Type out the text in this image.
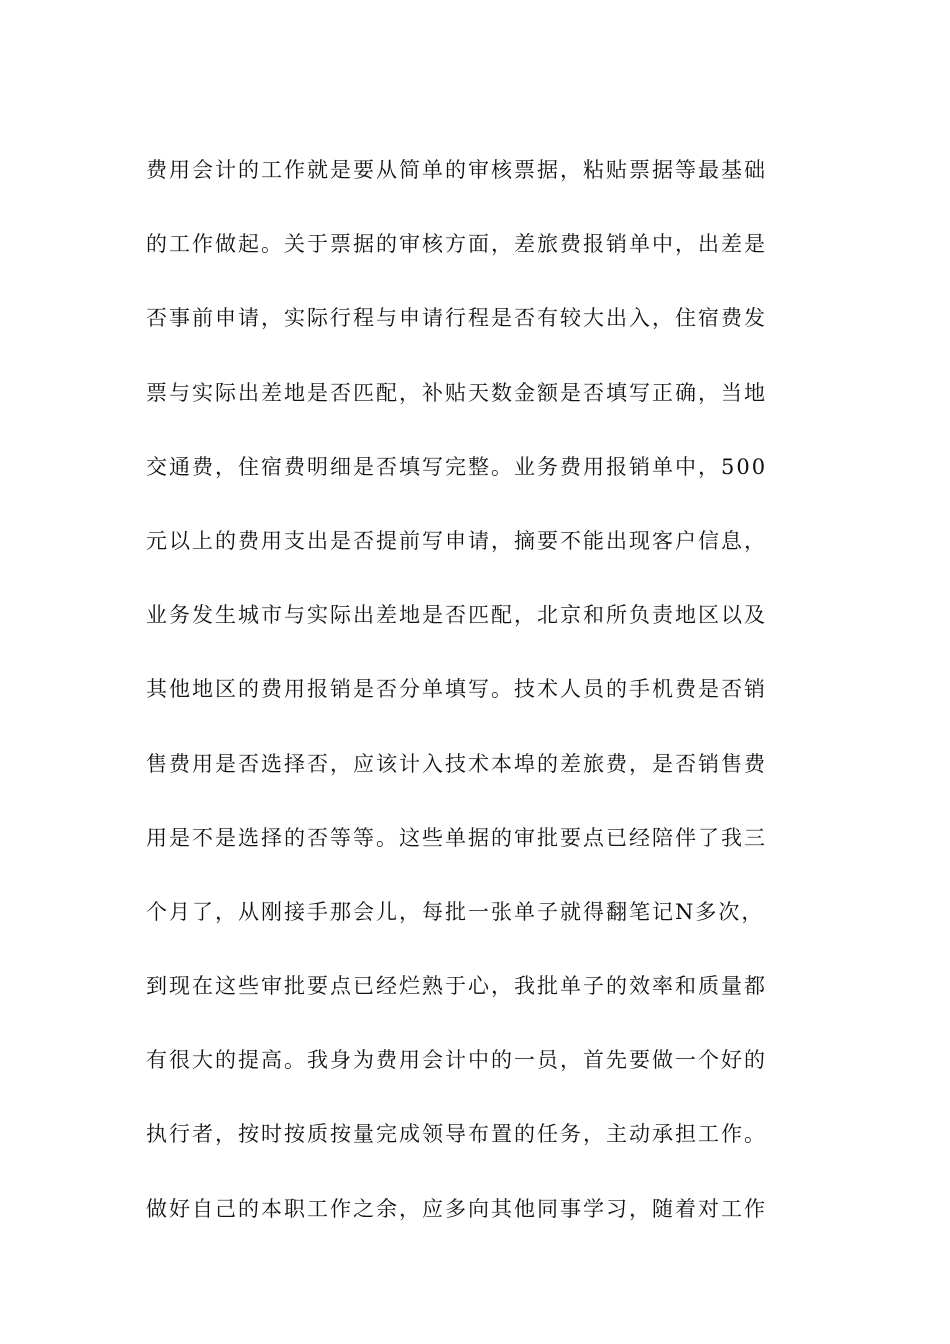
费用会计的工作就是要从简单的审核票据，粘贴票据等最基础
的工作做起。关于票据的审核方面，差旅费报销单中，出差是
否事前申请，实际行程与申请行程是否有较大出入，住宿费发
票与实际出差地是否匹配，补贴天数金额是否填写正确，当地
交通费，住宿费明细是否填写完整。业务费用报销单中，500
元以上的费用支出是否提前写申请，摘要不能出现客户信息，
业务发生城市与实际出差地是否匹配，北京和所负责地区以及
其他地区的费用报销是否分单填写。技术人员的手机费是否销
售费用是否选择否，应该计入技术本埠的差旅费，是否销售费
用是不是选择的否等等。这些单据的审批要点已经陪伴了我三
个月了，从刚接手那会儿，每批一张单子就得翻笔记N多次，
到现在这些审批要点已经烂熟于心，我批单子的效率和质量都
有很大的提高。我身为费用会计中的一员，首先要做一个好的
执行者，按时按质按量完成领导布置的任务，主动承担工作。
做好自己的本职工作之余，应多向其他同事学习，随着对工作
